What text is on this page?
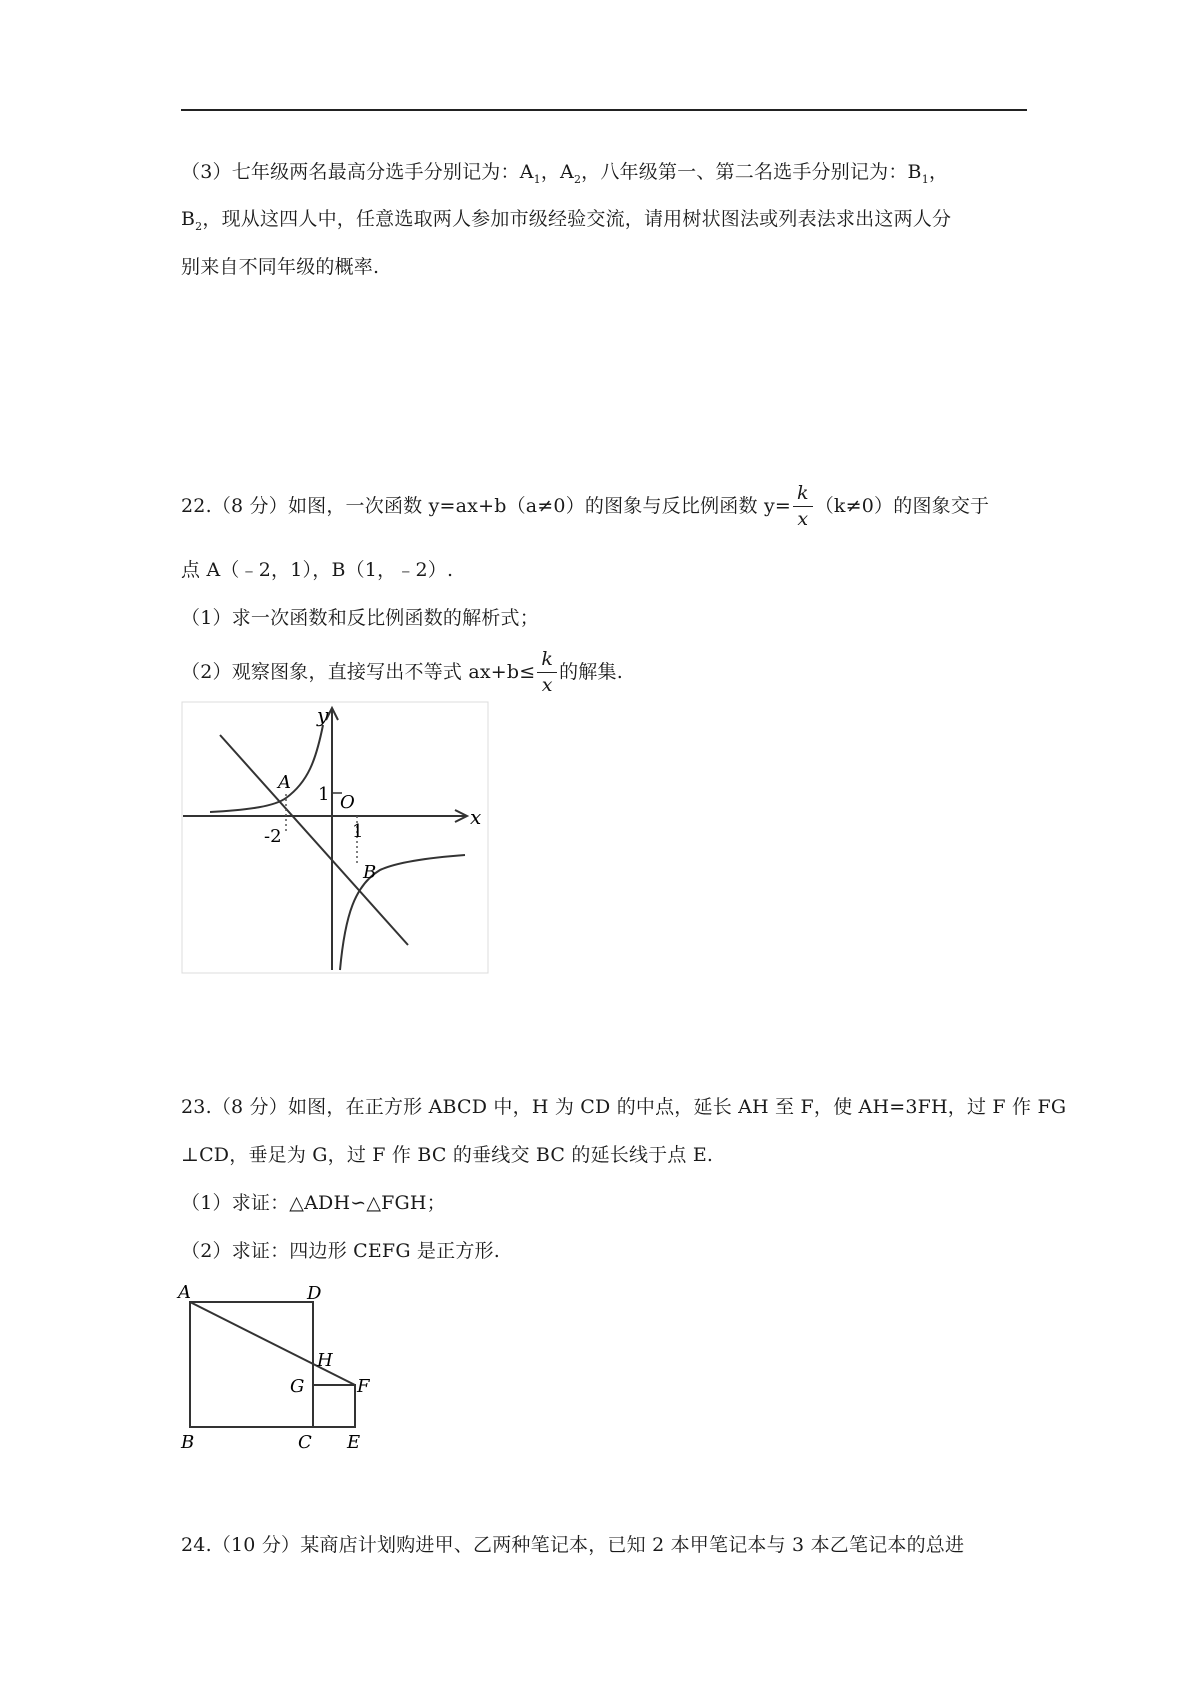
（3）七年级两名最高分选手分别记为：$A_1$，$A_2$，八年级第一、第二名选手分别记为：$B_1$，
$B_2$，现从这四人中，任意选取两人参加市级经验交流，请用树状图法或列表法求出这两人分
别来自不同年级的概率.
22.（8 分）如图，一次函数 y=ax+b（a≠0）的图象与反比例函数 $y= \frac{k}{x} (k\ne 0)$的图象交于
点 A（﹣2，1），B（1，﹣2）.
（1）求一次函数和反比例函数的解析式；
（2）观察图象，直接写出不等式 $ax+b\le \frac{k}{x}$ 的解集.
y
x
O
A
B
1
1
-2
23.（8 分）如图，在正方形 ABCD 中，H 为 CD 的中点，延长 AH 至 F，使 AH=3FH，过 F 作 FG
⊥CD，垂足为 G，过 F 作 BC 的垂线交 BC 的延长线于点 E.
（1）求证：△ADH∽△FGH；
（2）求证：四边形 CEFG 是正方形.
A	D
H
G	F
B	C E
24.（10 分）某商店计划购进甲、乙两种笔记本，已知 2 本甲笔记本与 3 本乙笔记本的总进
